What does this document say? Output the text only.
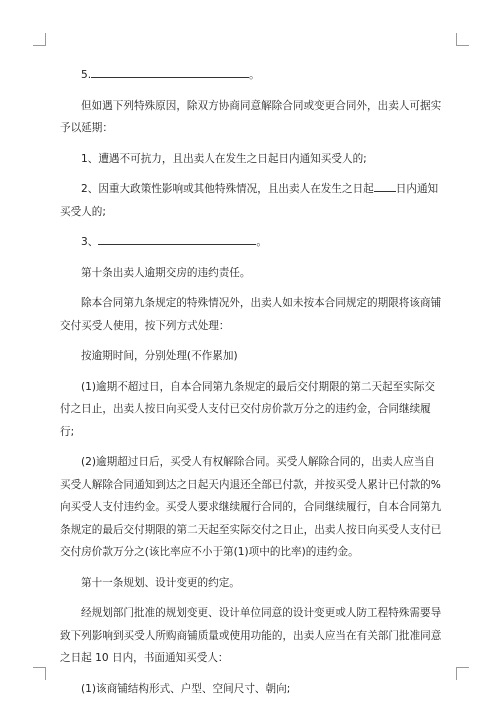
5.	。

但如遇下列特殊原因，除双方协商同意解除合同或变更合同外，出卖人可据实予以延期：

1、遭遇不可抗力，且出卖人在发生之日起日内通知买受人的;

2、因重大政策性影响或其他特殊情况，且出卖人在发生之日起 日内通知买受人的;

3、	。

第十条出卖人逾期交房的违约责任。

除本合同第九条规定的特殊情况外，出卖人如未按本合同规定的期限将该商铺交付买受人使用，按下列方式处理：

按逾期时间，分别处理(不作累加)

(1)逾期不超过日，自本合同第九条规定的最后交付期限的第二天起至实际交付之日止，出卖人按日向买受人支付已交付房价款万分之的违约金，合同继续履行;

(2)逾期超过日后，买受人有权解除合同。买受人解除合同的，出卖人应当自买受人解除合同通知到达之日起天内退还全部已付款，并按买受人累计已付款的%向买受人支付违约金。买受人要求继续履行合同的，合同继续履行，自本合同第九条规定的最后交付期限的第二天起至实际交付之日止，出卖人按日向买受人支付已交付房价款万分之(该比率应不小于第(1)项中的比率)的违约金。

第十一条规划、设计变更的约定。

经规划部门批准的规划变更、设计单位同意的设计变更或人防工程特殊需要导致下列影响到买受人所购商铺质量或使用功能的，出卖人应当在有关部门批准同意之日起 10 日内，书面通知买受人：

(1)该商铺结构形式、户型、空间尺寸、朝向;
